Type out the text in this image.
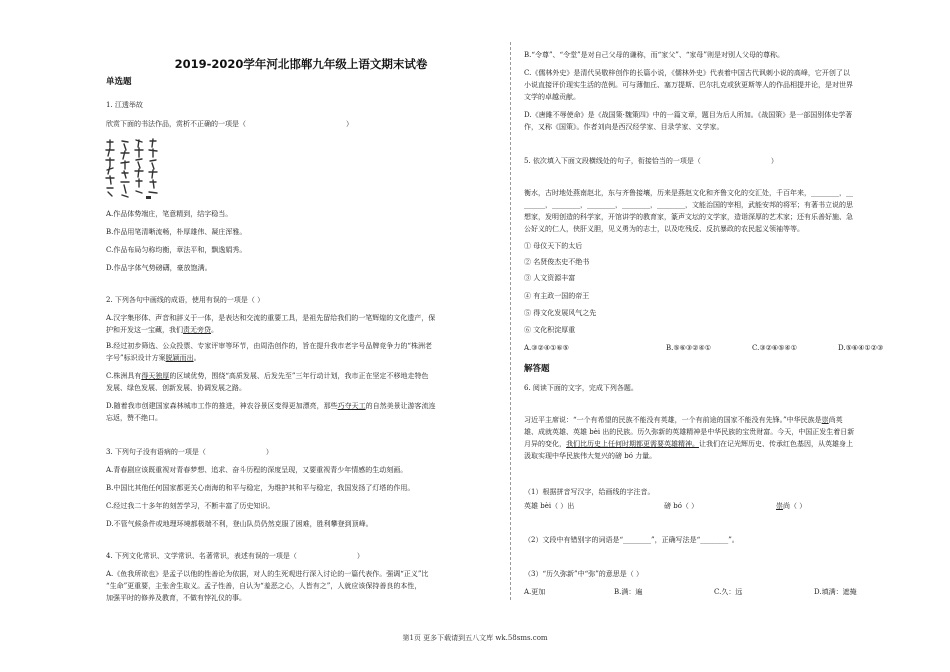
2019-2020学年河北邯郸九年级上语文期末试卷
单选题
1. 江透举故
欣赏下面的书法作品，赏析不正确的一项是（	）
A.作品体势端庄，笔意精到，结字稳当。
B.作品用笔清晰流畅，朴厚雄伟、凝庄浑雅。
C.作品布局匀称均衡，章法平和，飘逸娟秀。
D.作品字体气势磅礴，豪放饱满。
2. 下列各句中画线的成语，使用有误的一项是（ ）
A.汉字集形体、声音和辞义于一体，是表达和交流的重要工具，是祖先留给我们的一笔辉煌的文化遗产，保
护和开发这一宝藏，我们责无旁贷。
B.经过初步筛选、公众投票、专家评审等环节，由周浩创作的，旨在提升我市老字号品牌竞争力的“株洲老
字号”标识设计方案脱颖而出。
C.株洲具有得天独厚的区域优势，围绕“高质发展、后发先至”三年行动计划，我市正在坚定不移地走特色
发展、绿色发展、创新发展、协调发展之路。
D.随着我市创建国家森林城市工作的推进，神农谷景区变得更加漂亮，那些巧夺天工的自然美景让游客流连
忘返，赞不绝口。
3. 下列句子没有语病的一项是（	）
A.青春剧应该既重视对青春梦想、追求、奋斗历程的深度呈现，又要重视青少年情感的生动刻画。
B.中国比其他任何国家都更关心南海的和平与稳定，为维护其和平与稳定，我国发扬了灯塔的作用。
C.经过我二十多年的刻苦学习，不断丰富了历史知识。
D.不管气候条件或地理环境都极端不利，登山队员仍然克服了困难，胜利攀登到顶峰。
4. 下列文化常识、文学常识、名著常识，表述有误的一项是（	）
A.《鱼我所欲也》是孟子以他的性善论为依据，对人的生死观进行深入讨论的一篇代表作。强调“正义”比
“生命”更重要，主张舍生取义。孟子性善，自认为“羞恶之心，人皆有之”，人就应该保持善良的本性，
加强平时的修养及教育，不做有悖礼仪的事。
B.“令尊”、“令堂”是对自己父母的谦称，而“家父”、“家母”则是对别人父母的尊称。
C.《儒林外史》是清代吴敬梓创作的长篇小说，《儒林外史》代表着中国古代讽刺小说的高峰，它开创了以
小说直接评价现实生活的范例。可与薄伽丘、塞万提斯、巴尔扎克或狄更斯等人的作品相提并论，是对世界
文学的卓越贡献。
D.《唐雎不辱使命》是《战国策·魏策四》中的一篇文章，题目为后人所加。《战国策》是一部国别体史学著
作，又称《国策》。作者刘向是西汉经学家、目录学家、文学家。
5. 依次填入下面文段横线处的句子，衔接恰当的一项是（	）
衡水，古时地处燕南赵北，东与齐鲁接壤，历来是燕赵文化和齐鲁文化的交汇处，千百年来，________，__
______，________，________，________，________，文能治国的宰相，武能安邦的将军；有著书立说的思
想家，发明创造的科学家，开馆讲学的教育家，篆声文坛的文学家，造诣深厚的艺术家；还有乐善好施、急
公好义的仁人，侠肝义胆，见义勇为的志士，以及吃残反、反抗暴政的农民起义领袖等等。
① 母仪天下的太后
② 名贤俊杰史不绝书
③ 人文资源丰富
④ 有主政一国的帝王
⑤ 得文化发展风气之先
⑥ 文化积淀厚重
A.③②④①⑥⑤	B.⑤⑥③②④①	C.③②⑥⑤④①	D.⑤⑥④①②③
解答题
6. 阅读下面的文字，完成下列各题。
习近平主席说：“一个有希望的民族不能没有英雄，一个有前途的国家不能没有先锋。”中华民族是崇尚英
雄、成就英雄、英雄 bèi 出的民族。历久弥新的英雄精神是中华民族的宝贵财富。今天，中国正发生着日新
月异的变化，我们比历史上任何时期都更需要英雄精神。让我们在记光辉历史、传承红色基因，从英雄身上
汲取实现中华民族伟大复兴的磅 bó 力量。
（1）根据拼音写汉字，给画线的字注音。
英雄 bèi（ ）出	磅 bó（ ）	崇尚（ ）
（2）文段中有错别字的词语是“________”，正确写法是“________”。
（3）“历久弥新”中“弥”的意思是（ ）
A.更加	B.满：遍	C.久：远	D.填满：遮掩
第1页 更多下载请到五八文库 wk.58sms.com
